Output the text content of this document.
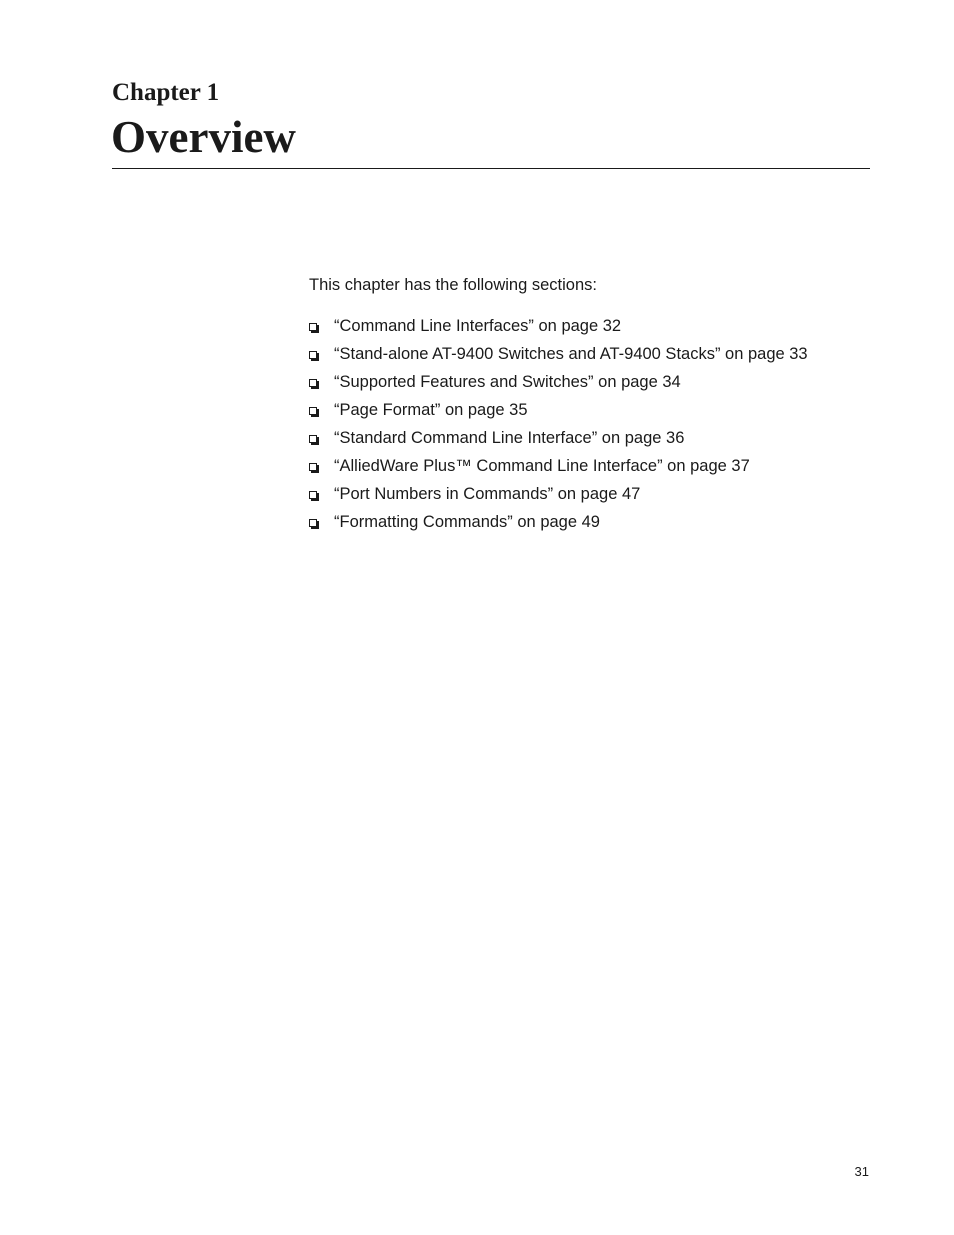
Chapter 1
Overview

This chapter has the following sections:

“Command Line Interfaces” on page 32
“Stand-alone AT-9400 Switches and AT-9400 Stacks” on page 33
“Supported Features and Switches” on page 34
“Page Format” on page 35
“Standard Command Line Interface” on page 36
“AlliedWare Plus™ Command Line Interface” on page 37
“Port Numbers in Commands” on page 47
“Formatting Commands” on page 49
31
